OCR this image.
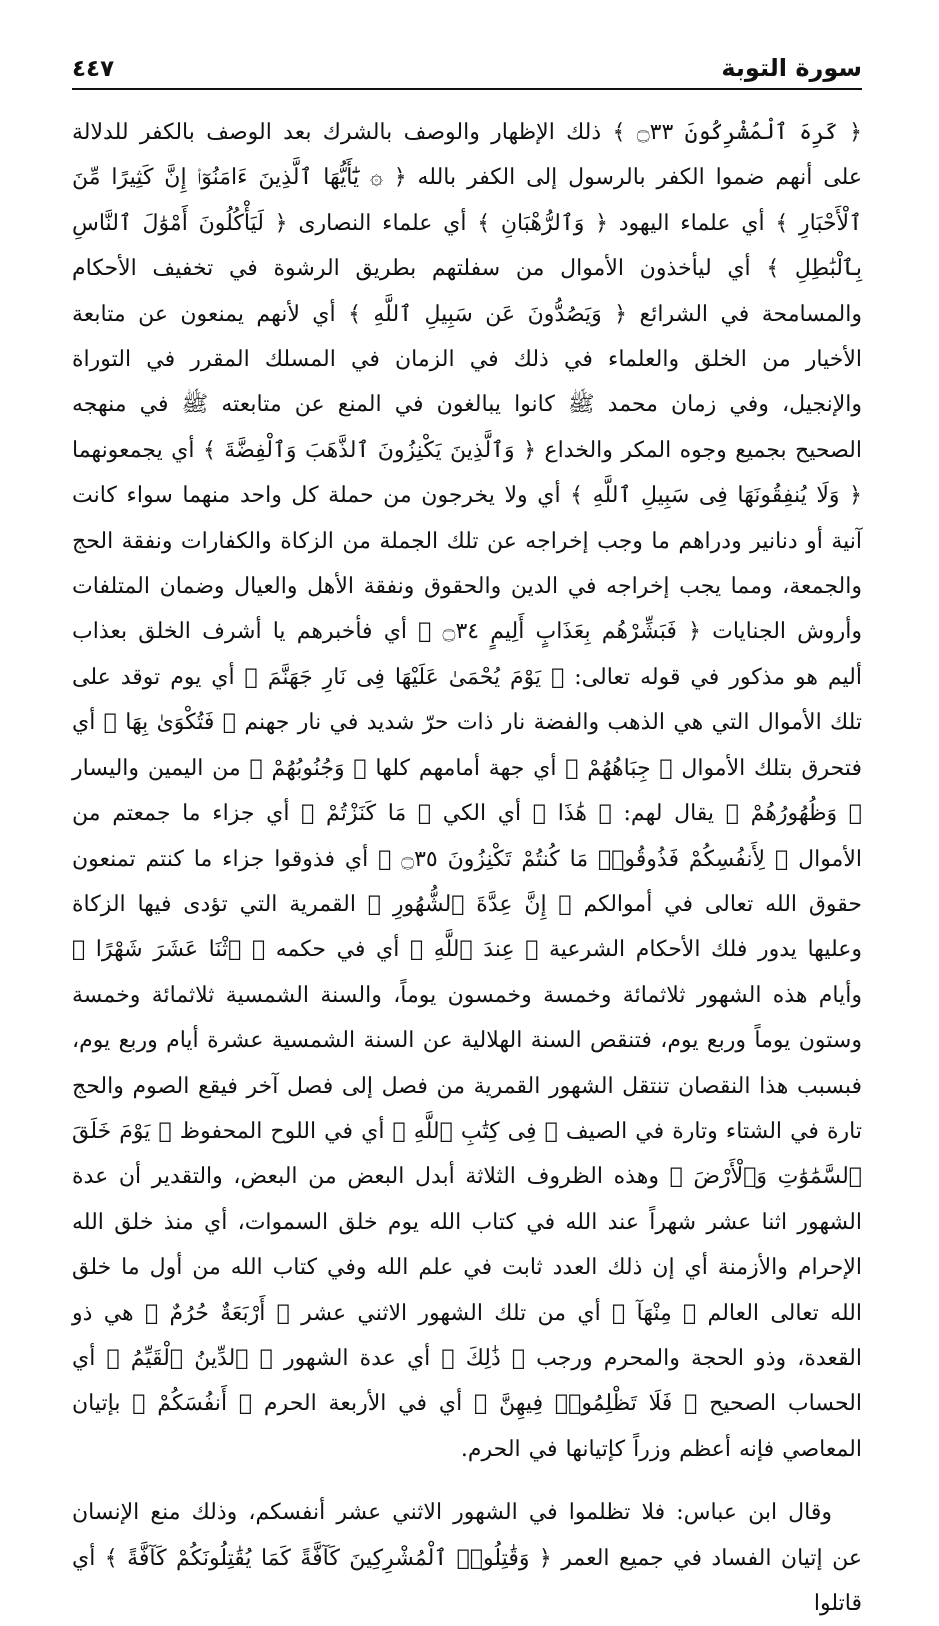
سورة التوبة
٤٤٧

﴿ كَرِهَ ٱلْمُشْرِكُونَ ۝٣٣ ﴾ ذلك الإظهار والوصف بالشرك بعد الوصف بالكفر للدلالة على أنهم ضموا الكفر بالرسول إلى الكفر بالله ﴿ ۞ يَٰٓأَيُّهَا ٱلَّذِينَ ءَامَنُوٓا۟ إِنَّ كَثِيرًا مِّنَ ٱلْأَحْبَارِ ﴾ أي علماء اليهود ﴿ وَٱلرُّهْبَانِ ﴾ أي علماء النصارى ﴿ لَيَأْكُلُونَ أَمْوَٰلَ ٱلنَّاسِ بِٱلْبَٰطِلِ ﴾ أي ليأخذون الأموال من سفلتهم بطريق الرشوة في تخفيف الأحكام والمسامحة في الشرائع ﴿ وَيَصُدُّونَ عَن سَبِيلِ ٱللَّهِ ﴾ أي لأنهم يمنعون عن متابعة الأخيار من الخلق والعلماء في ذلك في الزمان في المسلك المقرر في التوراة والإنجيل، وفي زمان محمد ﷺ كانوا يبالغون في المنع عن متابعته ﷺ في منهجه الصحيح بجميع وجوه المكر والخداع ﴿ وَٱلَّذِينَ يَكْنِزُونَ ٱلذَّهَبَ وَٱلْفِضَّةَ ﴾ أي يجمعونهما ﴿ وَلَا يُنفِقُونَهَا فِى سَبِيلِ ٱللَّهِ ﴾ أي ولا يخرجون من حملة كل واحد منهما سواء كانت آنية أو دنانير ودراهم ما وجب إخراجه عن تلك الجملة من الزكاة والكفارات ونفقة الحج والجمعة، ومما يجب إخراجه في الدين والحقوق ونفقة الأهل والعيال وضمان المتلفات وأروش الجنايات ﴿ فَبَشِّرْهُم بِعَذَابٍ أَلِيمٍ ۝٣٤ ﴾ أي فأخبرهم يا أشرف الخلق بعذاب أليم هو مذكور في قوله تعالى: ﴿ يَوْمَ يُحْمَىٰ عَلَيْهَا فِى نَارِ جَهَنَّمَ ﴾ أي يوم توقد على تلك الأموال التي هي الذهب والفضة نار ذات حرّ شديد في نار جهنم ﴿ فَتُكْوَىٰ بِهَا ﴾ أي فتحرق بتلك الأموال ﴿ جِبَاهُهُمْ ﴾ أي جهة أمامهم كلها ﴿ وَجُنُوبُهُمْ ﴾ من اليمين واليسار ﴿ وَظُهُورُهُمْ ﴾ يقال لهم: ﴿ هَٰذَا ﴾ أي الكي ﴿ مَا كَنَزْتُمْ ﴾ أي جزاء ما جمعتم من الأموال ﴿ لِأَنفُسِكُمْ فَذُوقُوا۟ مَا كُنتُمْ تَكْنِزُونَ ۝٣٥ ﴾ أي فذوقوا جزاء ما كنتم تمنعون حقوق الله تعالى في أموالكم ﴿ إِنَّ عِدَّةَ ٱلشُّهُورِ ﴾ القمرية التي تؤدى فيها الزكاة وعليها يدور فلك الأحكام الشرعية ﴿ عِندَ ٱللَّهِ ﴾ أي في حكمه ﴿ ٱثْنَا عَشَرَ شَهْرًا ﴾ وأيام هذه الشهور ثلاثمائة وخمسة وخمسون يوماً، والسنة الشمسية ثلاثمائة وخمسة وستون يوماً وربع يوم، فتنقص السنة الهلالية عن السنة الشمسية عشرة أيام وربع يوم، فبسبب هذا النقصان تنتقل الشهور القمرية من فصل إلى فصل آخر فيقع الصوم والحج تارة في الشتاء وتارة في الصيف ﴿ فِى كِتَٰبِ ٱللَّهِ ﴾ أي في اللوح المحفوظ ﴿ يَوْمَ خَلَقَ ٱلسَّمَٰوَٰتِ وَٱلْأَرْضَ ﴾ وهذه الظروف الثلاثة أبدل البعض من البعض، والتقدير أن عدة الشهور اثنا عشر شهراً عند الله في كتاب الله يوم خلق السموات، أي منذ خلق الله الإحرام والأزمنة أي إن ذلك العدد ثابت في علم الله وفي كتاب الله من أول ما خلق الله تعالى العالم ﴿ مِنْهَآ ﴾ أي من تلك الشهور الاثني عشر ﴿ أَرْبَعَةٌ حُرُمٌ ﴾ هي ذو القعدة، وذو الحجة والمحرم ورجب ﴿ ذَٰلِكَ ﴾ أي عدة الشهور ﴿ ٱلدِّينُ ٱلْقَيِّمُ ﴾ أي الحساب الصحيح ﴿ فَلَا تَظْلِمُوا۟ فِيهِنَّ ﴾ أي في الأربعة الحرم ﴿ أَنفُسَكُمْ ﴾ بإتيان المعاصي فإنه أعظم وزراً كإتيانها في الحرم.

وقال ابن عباس: فلا تظلموا في الشهور الاثني عشر أنفسكم، وذلك منع الإنسان عن إتيان الفساد في جميع العمر ﴿ وَقَٰتِلُوا۟ ٱلْمُشْرِكِينَ كَآفَّةً كَمَا يُقَٰتِلُونَكُمْ كَآفَّةً ﴾ أي قاتلوا
